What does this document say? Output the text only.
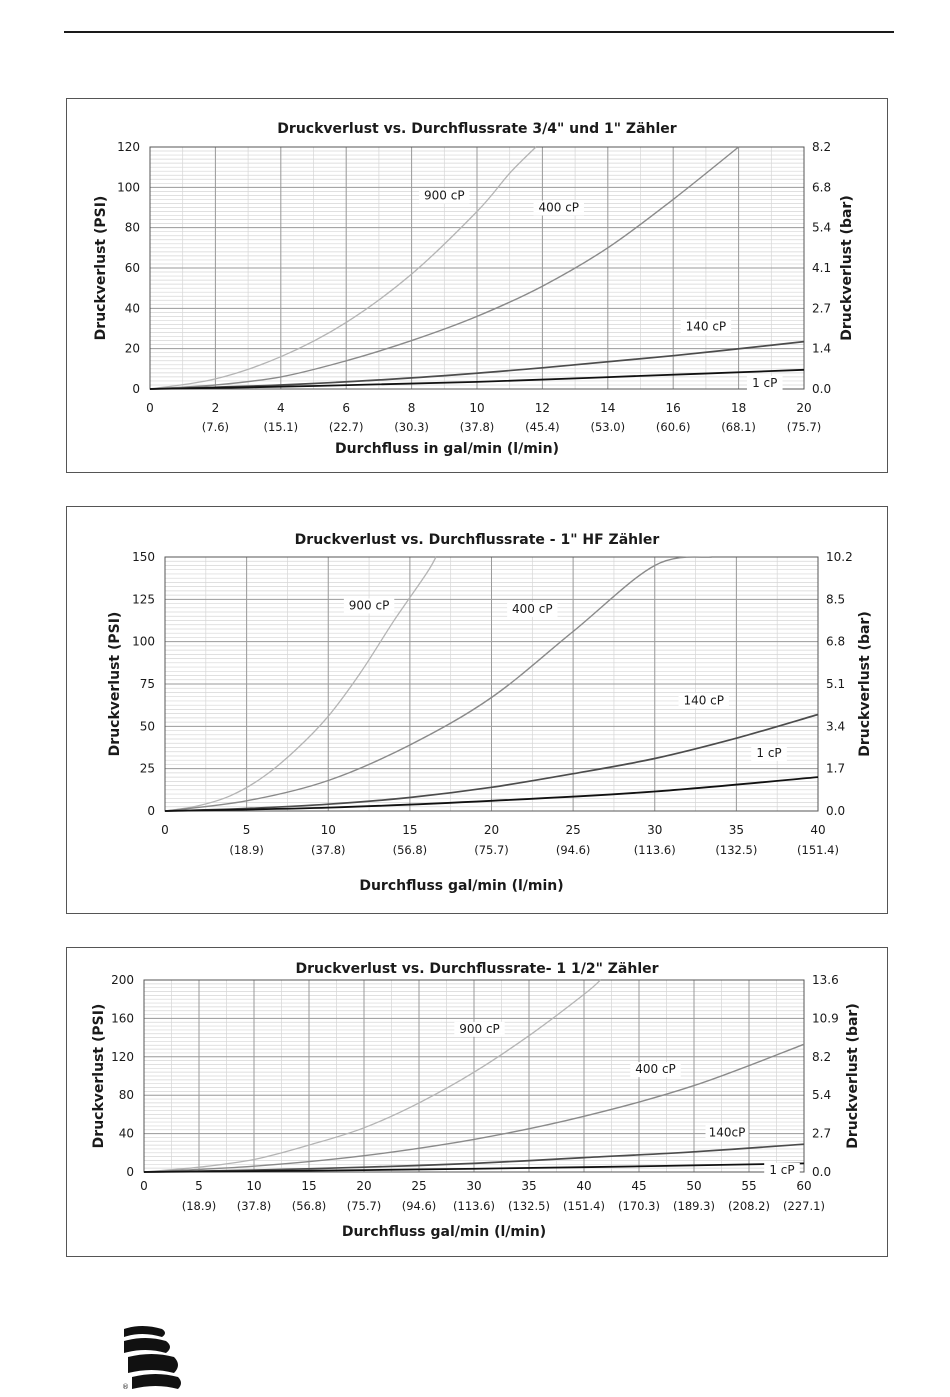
900 cP
400 cP
140 cP
1 cP
0
20
40
60
80
100
120
0.0
1.4
2.7
4.1
5.4
6.8
8.2
0	2
(7.6)
4
(15.1)
6
(22.7)
8
(30.3)
10
(37.8)
12
(45.4)
14
(53.0)
16
(60.6)
18
(68.1)
20
(75.7)
Druckverlust vs. Durchflussrate 3/4" und 1" Zähler
Durchfluss in gal/min (l/min)
Druckverlust (PSI)	Druckverlust (bar)
900 cP	400 cP
140 cP
1 cP
0
25
50
75
100
125
150
0.0
1.7
3.4
5.1
6.8
8.5
10.2
0	5
(18.9)
10
(37.8)
15
(56.8)
20
(75.7)
25
(94.6)
30
(113.6)
35
(132.5)
40
(151.4)
Druckverlust vs. Durchflussrate - 1" HF Zähler
Durchfluss gal/min (l/min)
Druckverlust (PSI)	Druckverlust (bar)
900 cP
400 cP
140cP
1 cP
0
40
80
120
160
200
0.0
2.7
5.4
8.2
10.9
13.6
0	5
(18.9)
10
(37.8)
15
(56.8)
20
(75.7)
25
(94.6)
30
(113.6)
35
(132.5)
40
(151.4)
45
(170.3)
50
(189.3)
55
(208.2)
60
(227.1)
Druckverlust vs. Durchflussrate- 1 1/2" Zähler
Durchfluss gal/min (l/min)
Druckverlust (PSI)	Druckverlust (bar)
®
